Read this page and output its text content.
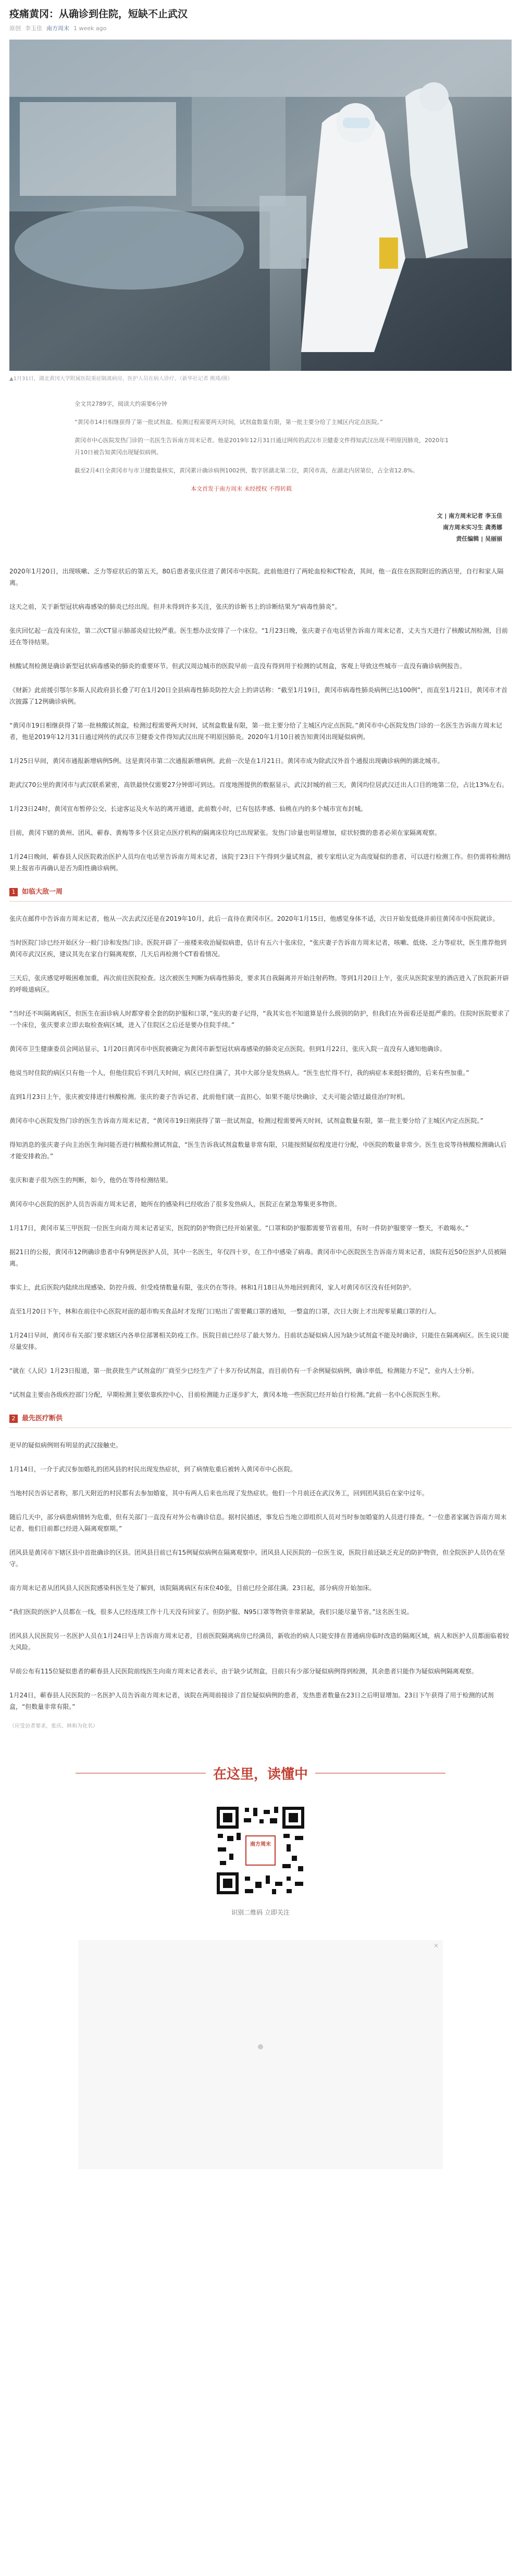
疫痛黄冈：从确诊到住院，短缺不止武汉
原创 李玉佳 南方周末 1 week ago
▲1月31日，湖北黄冈大学附属医院重症隔离病房，医护人员在病人诊疗。（新华社记者 熊琦/图）

全文共2789字，阅读大约需要6分钟

“黄冈市14日相继获得了第一批试剂盒。检测过程需要两天时间，试剂盒数量有限，第一批主要分给了主城区内定点医院。”

黄冈市中心医院发热门诊的一名医生告诉南方周末记者。他是2019年12月31日通过网传的武汉市卫健委文件得知武汉出现不明原因肺炎，2020年1月10日被告知黄冈出现疑似病例。

截至2月4日全黄冈市与市卫健数量核实，黄冈累计确诊病例1002例，数字居湖北第二位，黄冈市高，在湖北内居第位，占全省12.8%。

本文首发于南方周末 未经授权 不得转载

文 | 南方周末记者 李玉佳
南方周末实习生 龚勇娜
责任编辑 | 吴丽丽

2020年1月20日，出现咳嗽、乏力等症状后的第五天，80后患者张庆住进了黄冈市中医院。此前他进行了两轮血检和CT检查，其间，他一直住在医院附近的酒店里，自行和家人隔离。

这天之前，关于新型冠状病毒感染的肺炎已经出现。但并未得到许多关注，张庆的诊断书上的诊断结果为“病毒性肺炎”。

张庆回忆起一直没有床位，第二次CT显示肺部炎症比较严重。医生想办法安排了一个床位。“1月23日晚，张庆妻子在电话里告诉南方周末记者，丈夫当天进行了核酸试剂检测，目前还在等待结果。

核酸试剂检测是确诊新型冠状病毒感染的肺炎的重要环节。但武汉周边城市的医院早前一直没有得到用于检测的试剂盒，客观上导致这些城市一直没有确诊病例报告。

《财新》此前援引鄂尔多斯人民政府县长叠了叮在1月20日全县病毒性肺炎防控大会上的讲话称：“截至1月19日，黄冈市病毒性肺炎病例已达100例”，而直至1月21日，黄冈市才首次披露了12例确诊病例。

“黄冈市19日相继获得了第一批核酸试剂盒，检测过程需要两天时间，试剂盒数量有限，第一批主要分给了主城区内定点医院。”黄冈市中心医院发热门诊的一名医生告诉南方周末记者，他是2019年12月31日通过网传的武汉市卫健委文件得知武汉出现不明原因肺炎。2020年1月10日被告知黄冈出现疑似病例。

1月25日早间，黄冈市通报新增病例5例。这是黄冈市第二次通报新增病例。此前一次是在1月21日。黄冈市成为除武汉外首个通报出现确诊病例的湖北城市。

距武汉70公里的黄冈市与武汉联系紧密，高铁最快仅需要27分钟即可到达。百度地图提供的数据显示，武汉封城的前三天，黄冈均位居武汉迁出人口目的地第二位，占比13%左右。

1月23日24时，黄冈宣布暂停公交、长途客运及火车站的离开通道，此前数小时，已有包括孝感、仙桃在内的多个城市宣布封城。

目前，黄冈下辖的黄州、团风、蕲春、黄梅等多个区县定点医疗机构的隔离床位均已出现紧张。发热门诊量也明显增加，症状轻微的患者必须在家隔离观察。

1月24日晚间，蕲春县人民医院救治医护人员均在电话里告诉南方周末记者，该院于23日下午得到少量试剂盒，被专家组认定为高度疑似的患者，可以进行检测工作。但仍需将检测结果上报省市再确认是否为阳性确诊病例。

1 如临大敌一周

张庆在邮件中告诉南方周末记者，他从一次去武汉还是在2019年10月，此后一直待在黄冈市区。2020年1月15日，他感觉身体不适，次日开始发低烧并前往黄冈市中医院就诊。

当时医院门诊已经开始区分一般门诊和发热门诊。医院开辟了一座楼来收治疑似病患，估计有五六十张床位，“张庆妻子告诉南方周末记者，咳嗽、低烧、乏力等症状，医生推荐他到黄冈市武汉区疾，建议其先在家自行隔离观察，几天后再检测个CT看看情况。

三天后，张庆感觉呼吸困难加重，再次前往医院检查。这次被医生判断为病毒性肺炎，要求其自我隔离并开始注射药物。等到1月20日上午，张庆从医院家里的酒店进入了医院新开辟的呼吸道病区。

“当时还不叫隔离病区，但医生在面诊病人时都穿着全套的防护服和口罩，”张庆的妻子记得，“我其实也不知道算是什么级别的防护，但我们在外面看还是挺严重的。住院时医院要求了一个床位，张庆要求立即去取检查病区域，进入了住院区之后还是要办住院手续。”

黄冈市卫生健康委员会网站显示，1月20日黄冈市中医院被确定为黄冈市新型冠状病毒感染的肺炎定点医院。但到1月22日，张庆入院一直没有人通知他确诊。

他说当时住院的病区只有他一个人，但他住院后不到几天时间，病区已经住满了，其中大部分是发热病人。“医生也忙得不行，我的病症本来挺轻微的，后来有些加重。”

直到1月23日上午，张庆被安排进行核酸检测。张庆的妻子告诉记者，此前他们就一直担心，如果不能尽快确诊，丈夫可能会错过最佳治疗时机。

黄冈市中心医院发热门诊的医生告诉南方周末记者，“黄冈市19日刚获得了第一批试剂盒，检测过程需要两天时间，试剂盒数量有限，第一批主要分给了主城区内定点医院。”

得知消息的张庆妻子向主治医生询问能否进行核酸检测试剂盒，“医生告诉我试剂盒数量非常有限，只能按照疑似程度进行分配，中医院的数量非常少。医生也说等待核酸检测确认后才能安排救治。”

张庆和妻子很为医生的判断，如今，他仍在等待检测结果。

黄冈市中心医院的医护人员告诉南方周末记者，她所在的感染科已经收治了很多发热病人，医院正在紧急筹集更多物资。

1月17日，黄冈市某三甲医院一位医生向南方周末记者证实，医院的防护物资已经开始紧张。“口罩和防护服都需要节省着用，有时一件防护服要穿一整天，不敢喝水。”

据21日的公报，黄冈市12例确诊患者中有9例是医护人员，其中一名医生，年仅四十岁，在工作中感染了病毒。黄冈市中心医院医生告诉南方周末记者，该院有近50位医护人员被隔离。

事实上，此后医院内陆续出现感染、防控升级、但受疫情数量有限，张庆仍在等待。林和1月18日从外地回到黄冈，家人对黄冈市区没有任何防护。

直至1月20日下午，林和在前往中心医院对面的超市购买食品时才发现门口贴出了需要戴口罩的通知，一整盒的口罩，次日大街上才出现零星戴口罩的行人。

1月24日早间，黄冈市有关部门要求辖区内各单位部署相关防疫工作。医院目前已经尽了最大努力。目前状态疑似病人因为缺少试剂盒不能及时确诊，只能住在隔离病区。医生说只能尽量安排。

“就在《人民》1月23日报道，第一批获批生产试剂盒的厂商至少已经生产了十多万份试剂盒，而目前仍有一千余例疑似病例，确诊率低，检测能力不足”，业内人士分析。

“试剂盒主要由各级疾控部门分配，早期检测主要依靠疾控中心，目前检测能力正逐步扩大，黄冈本地一些医院已经开始自行检测。”此前一名中心医院医生称。

2 最先医疗断供

更早的疑似病例则有明显的武汉接触史。

1月14日，一介于武汉参加婚礼的团风县的村民出现发热症状，到了病情危重后被转入黄冈市中心医院。

当地村民告诉记者称，那几天附近的村民都有去参加婚宴，其中有两人后来也出现了发热症状。他们一个月前还在武汉务工，回到团风县后在家中过年。

随后几天中，部分病患病情转为危重，但有关部门一直没有对外公布确诊信息。据村民描述，事发后当地立即组织人员对当时参加婚宴的人员进行排查。“一位患者家属告诉南方周末记者，他们目前都已经进入隔离观察期。”

团风县是黄冈市下辖区县中首批确诊的区县。团风县目前已有15例疑似病例在隔离观察中。团风县人民医院的一位医生说，医院目前还缺乏充足的防护物资，但全院医护人员仍在坚守。

南方周末记者从团风县人民医院感染科医生处了解到，该院隔离病区有床位40张，目前已经全部住满。23日起，部分病房开始加床。

“我们医院的医护人员都在一线，很多人已经连续工作十几天没有回家了。但防护服、N95口罩等物资非常紧缺，我们只能尽量节省。”这名医生说。

团风县人民医院另一名医护人员在1月24日早上告诉南方周末记者，目前医院隔离病房已经满员，新收治的病人只能安排在普通病房临时改造的隔离区域，病人和医护人员都面临着较大风险。

早前公布有115位疑似患者的蕲春县人民医院前线医生向南方周末记者表示，由于缺少试剂盒，目前只有少部分疑似病例得到检测，其余患者只能作为疑似病例隔离观察。

1月24日，蕲春县人民医院的一名医护人员告诉南方周末记者，该院在两周前接诊了首位疑似病例的患者，发热患者数量在23日之后明显增加。23日下午获得了用于检测的试剂盒，“但数量非常有限。”

（应受访者要求，张庆、林和为化名）

在这里，读懂中
南方周末
识别二维码 立即关注
✕
